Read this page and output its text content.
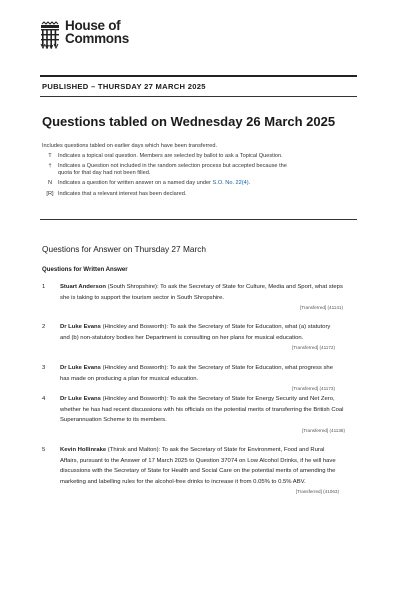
House of
Commons
PUBLISHED – THURSDAY 27 MARCH 2025
Questions tabled on Wednesday 26 March 2025
Includes questions tabled on earlier days which have been transferred.
T	Indicates a topical oral question. Members are selected by ballot to ask a Topical Question.
†	Indicates a Question not included in the random selection process but accepted because the quota for that day had not been filled.
N	Indicates a question for written answer on a named day under S.O. No. 22(4).
[R] Indicates that a relevant interest has been declared.
Questions for Answer on Thursday 27 March
Questions for Written Answer
1	Stuart Anderson (South Shropshire): To ask the Secretary of State for Culture, Media and Sport, what steps she is taking to support the tourism sector in South Shropshire.
[Transferred] (41141)
2	Dr Luke Evans (Hinckley and Bosworth): To ask the Secretary of State for Education, what (a) statutory and (b) non-statutory bodies her Department is consulting on her plans for musical education.
[Transferred] (41172)
3	Dr Luke Evans (Hinckley and Bosworth): To ask the Secretary of State for Education, what progress she has made on producing a plan for musical education.
[Transferred] (41173)
4	Dr Luke Evans (Hinckley and Bosworth): To ask the Secretary of State for Energy Security and Net Zero, whether he has had recent discussions with his officials on the potential merits of transferring the British Coal Superannuation Scheme to its members.
[Transferred] (41138)
5	Kevin Hollinrake (Thirsk and Malton): To ask the Secretary of State for Environment, Food and Rural Affairs, pursuant to the Answer of 17 March 2025 to Question 37074 on Low Alcohol Drinks, if he will have discussions with the Secretary of State for Health and Social Care on the potential merits of amending the marketing and labelling rules for the alcohol-free drinks to increase it from 0.05% to 0.5% ABV.
[Transferred] (41063)
